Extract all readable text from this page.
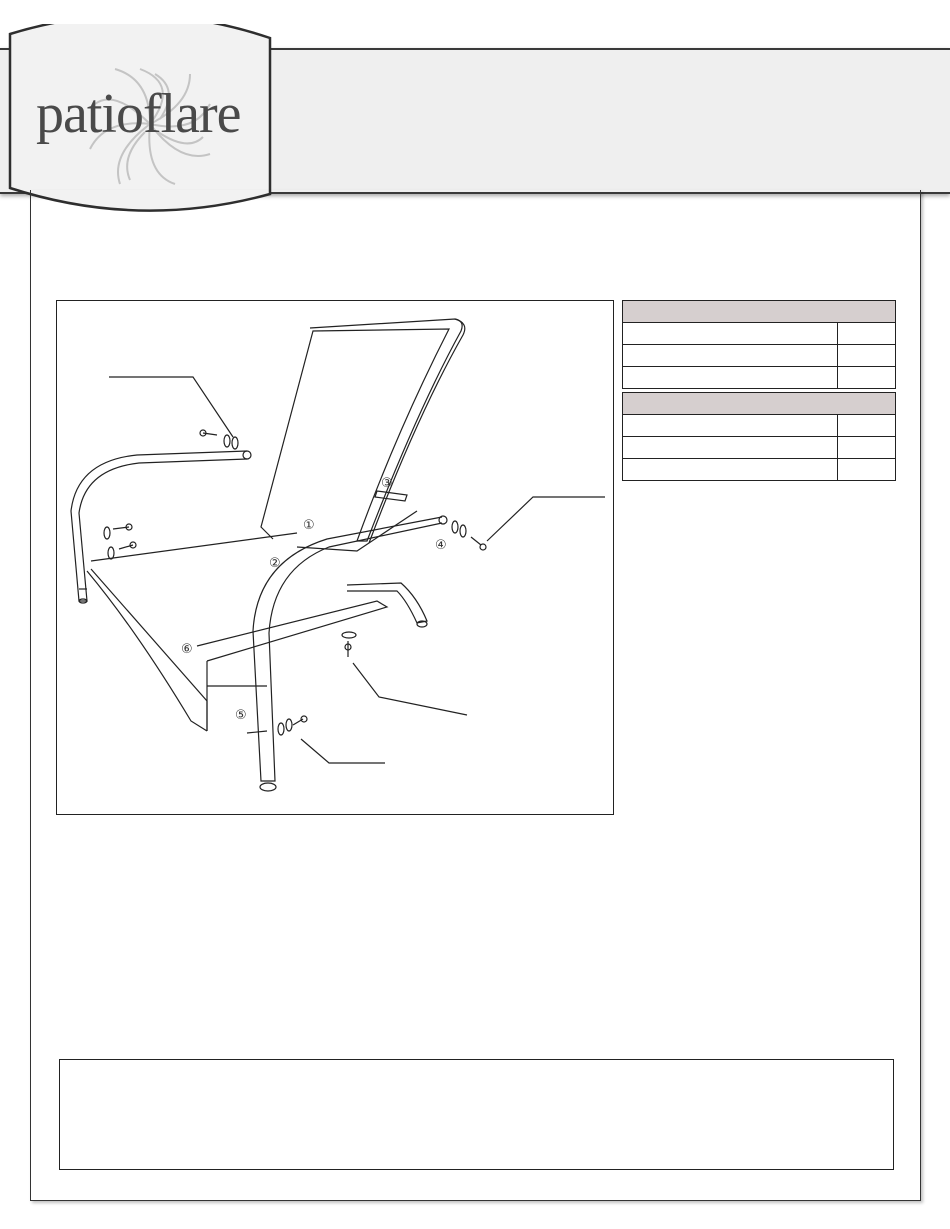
patioflare
①
②
③
④
⑤
⑥
